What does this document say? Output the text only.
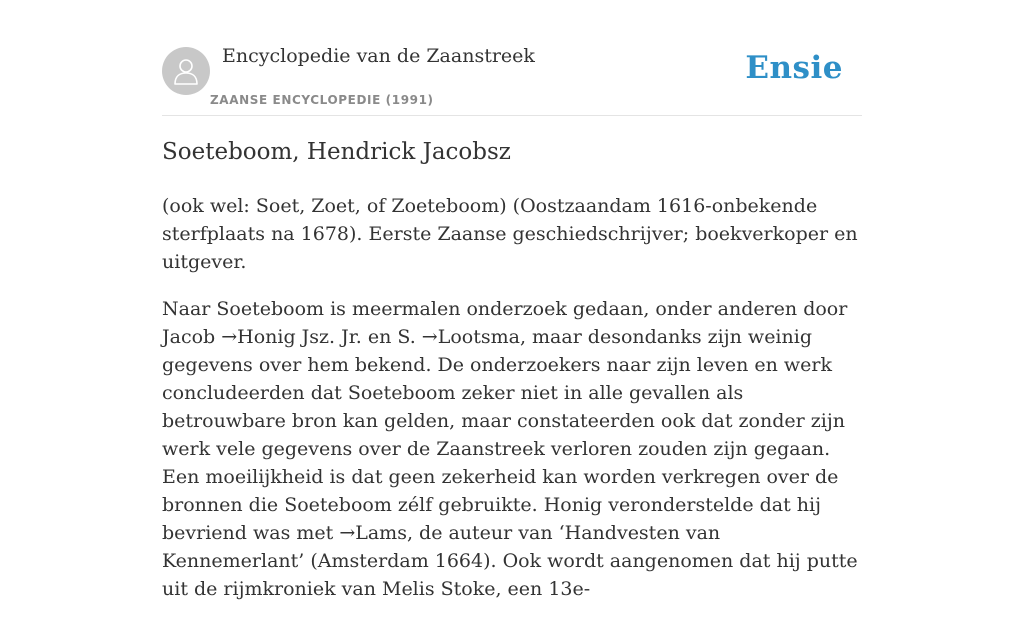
Encyclopedie van de Zaanstreek
ZAANSE ENCYCLOPEDIE (1991)
Ensie
Soeteboom, Hendrick Jacobsz

(ook wel: Soet, Zoet, of Zoeteboom) (Oostzaandam 1616-onbekende sterfplaats na 1678). Eerste Zaanse geschiedschrijver; boekverkoper en uitgever.

Naar Soeteboom is meermalen onderzoek gedaan, onder anderen door Jacob →Honig Jsz. Jr. en S. →Lootsma, maar desondanks zijn weinig gegevens over hem bekend. De onderzoekers naar zijn leven en werk concludeerden dat Soeteboom zeker niet in alle gevallen als betrouwbare bron kan gelden, maar constateerden ook dat zonder zijn werk vele gegevens over de Zaanstreek verloren zouden zijn gegaan. Een moeilijkheid is dat geen zekerheid kan worden verkregen over de bronnen die Soeteboom zélf gebruikte. Honig veronderstelde dat hij bevriend was met →Lams, de auteur van ‘Handvesten van Kennemerlant’ (Amsterdam 1664). Ook wordt aangenomen dat hij putte uit de rijmkroniek van Melis Stoke, een 13e-
